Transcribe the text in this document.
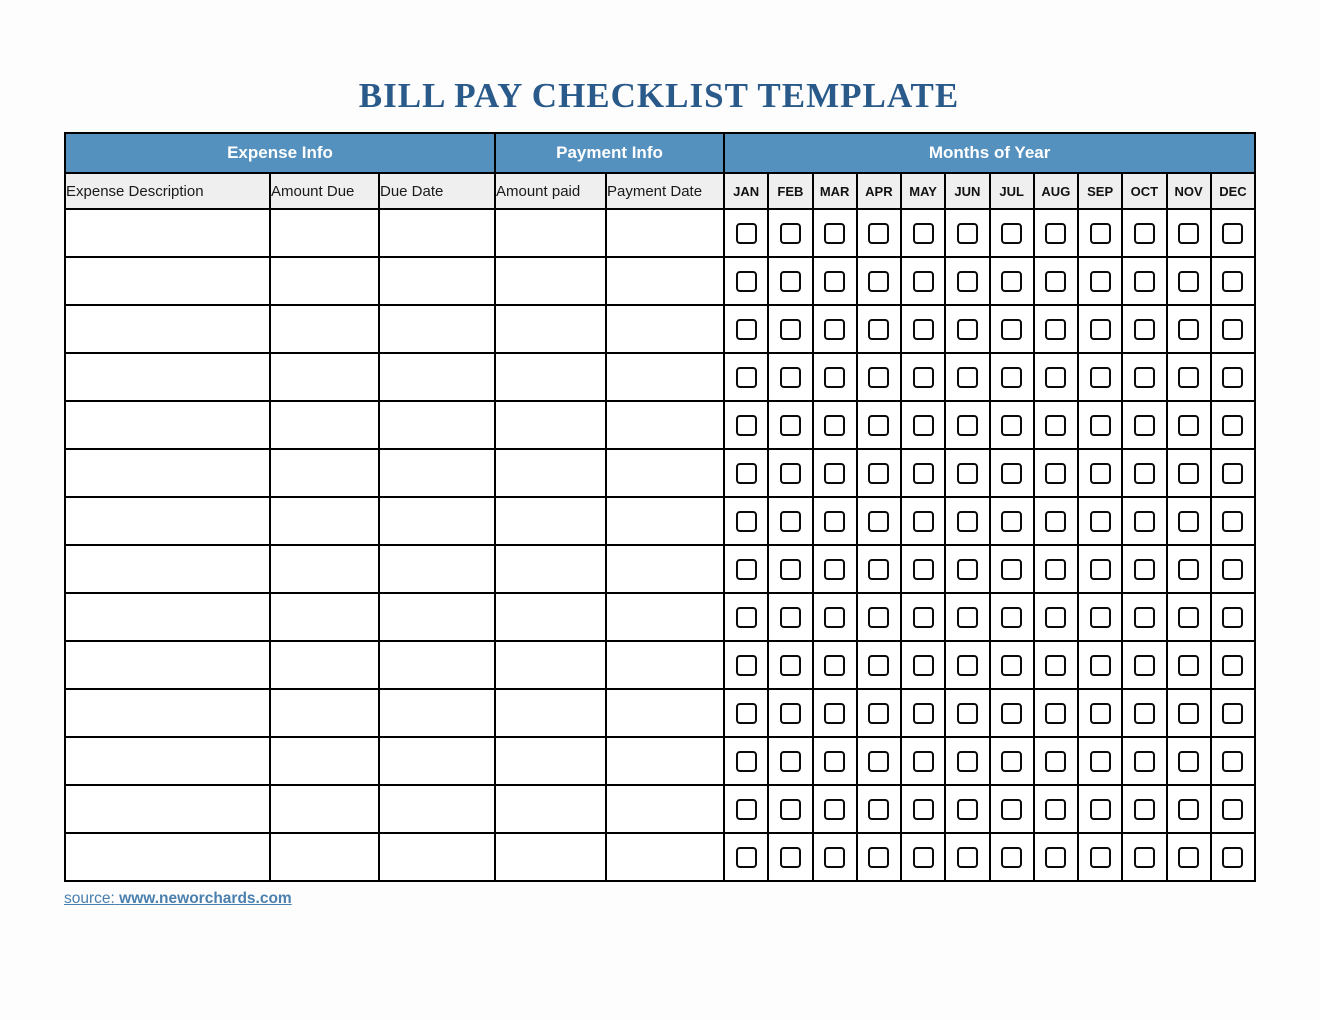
BILL PAY CHECKLIST TEMPLATE
Expense Info			Payment Info		Months of Year											
Expense Description	Amount Due	Due Date	Amount paid	Payment Date	JAN	FEB	MAR	APR	MAY	JUN	JUL	AUG	SEP	OCT	NOV	DEC

source: www.neworchards.com
